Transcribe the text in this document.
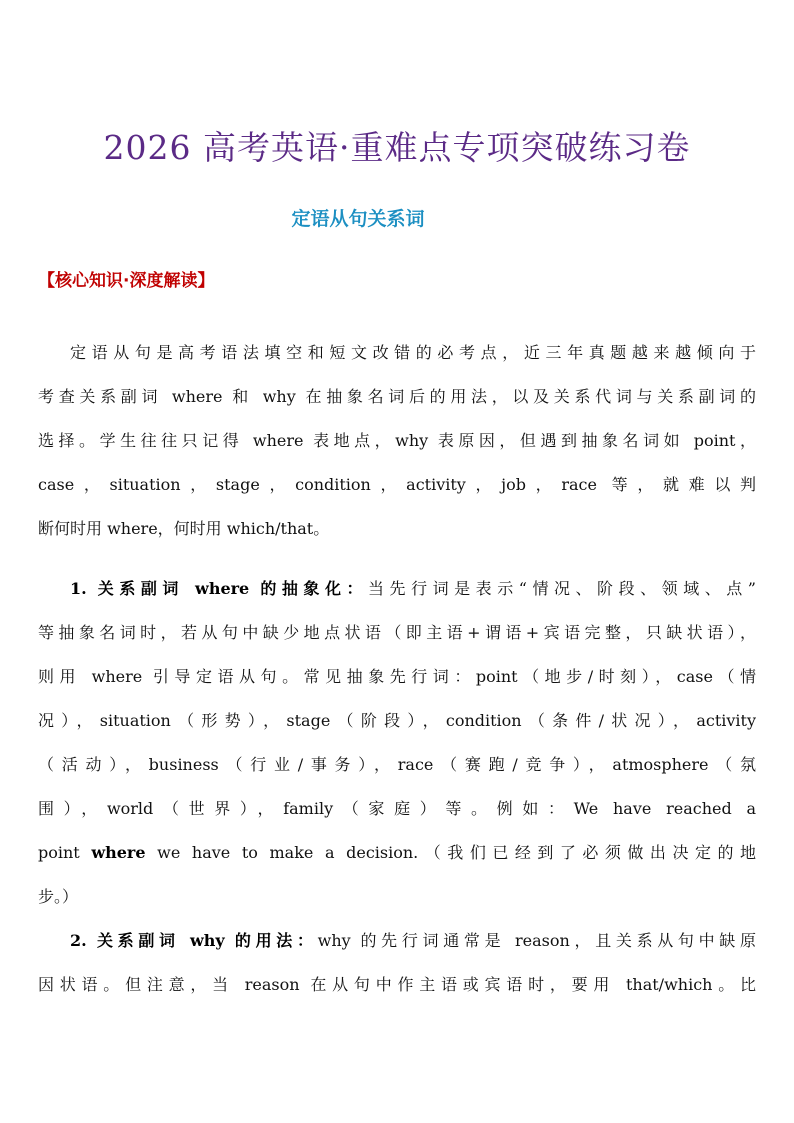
2026 高考英语·重难点专项突破练习卷
定语从句关系词
【核心知识·深度解读】
定语从句是高考语法填空和短文改错的必考点，近三年真题越来越倾向于
考查关系副词 where 和 why 在抽象名词后的用法，以及关系代词与关系副词的
选择。学生往往只记得 where 表地点，why 表原因，但遇到抽象名词如 point，
case，situation，stage，condition，activity，job，race 等，就难以判
断何时用 where，何时用 which/that。
1. 关系副词 where 的抽象化：当先行词是表示“情况、阶段、领域、点”
等抽象名词时，若从句中缺少地点状语（即主语+谓语+宾语完整，只缺状语），
则用 where 引导定语从句。常见抽象先行词：point（地步/时刻），case（情
况），situation（形势），stage（阶段），condition（条件/状况），activity
（活动），business（行业/事务），race（赛跑/竞争），atmosphere（氛
围），world（世界），family（家庭）等。例如：We have reached a
point where we have to make a decision.（我们已经到了必须做出决定的地
步。）
2. 关系副词 why 的用法：why 的先行词通常是 reason，且关系从句中缺原
因状语。但注意，当 reason 在从句中作主语或宾语时，要用 that/which。比
